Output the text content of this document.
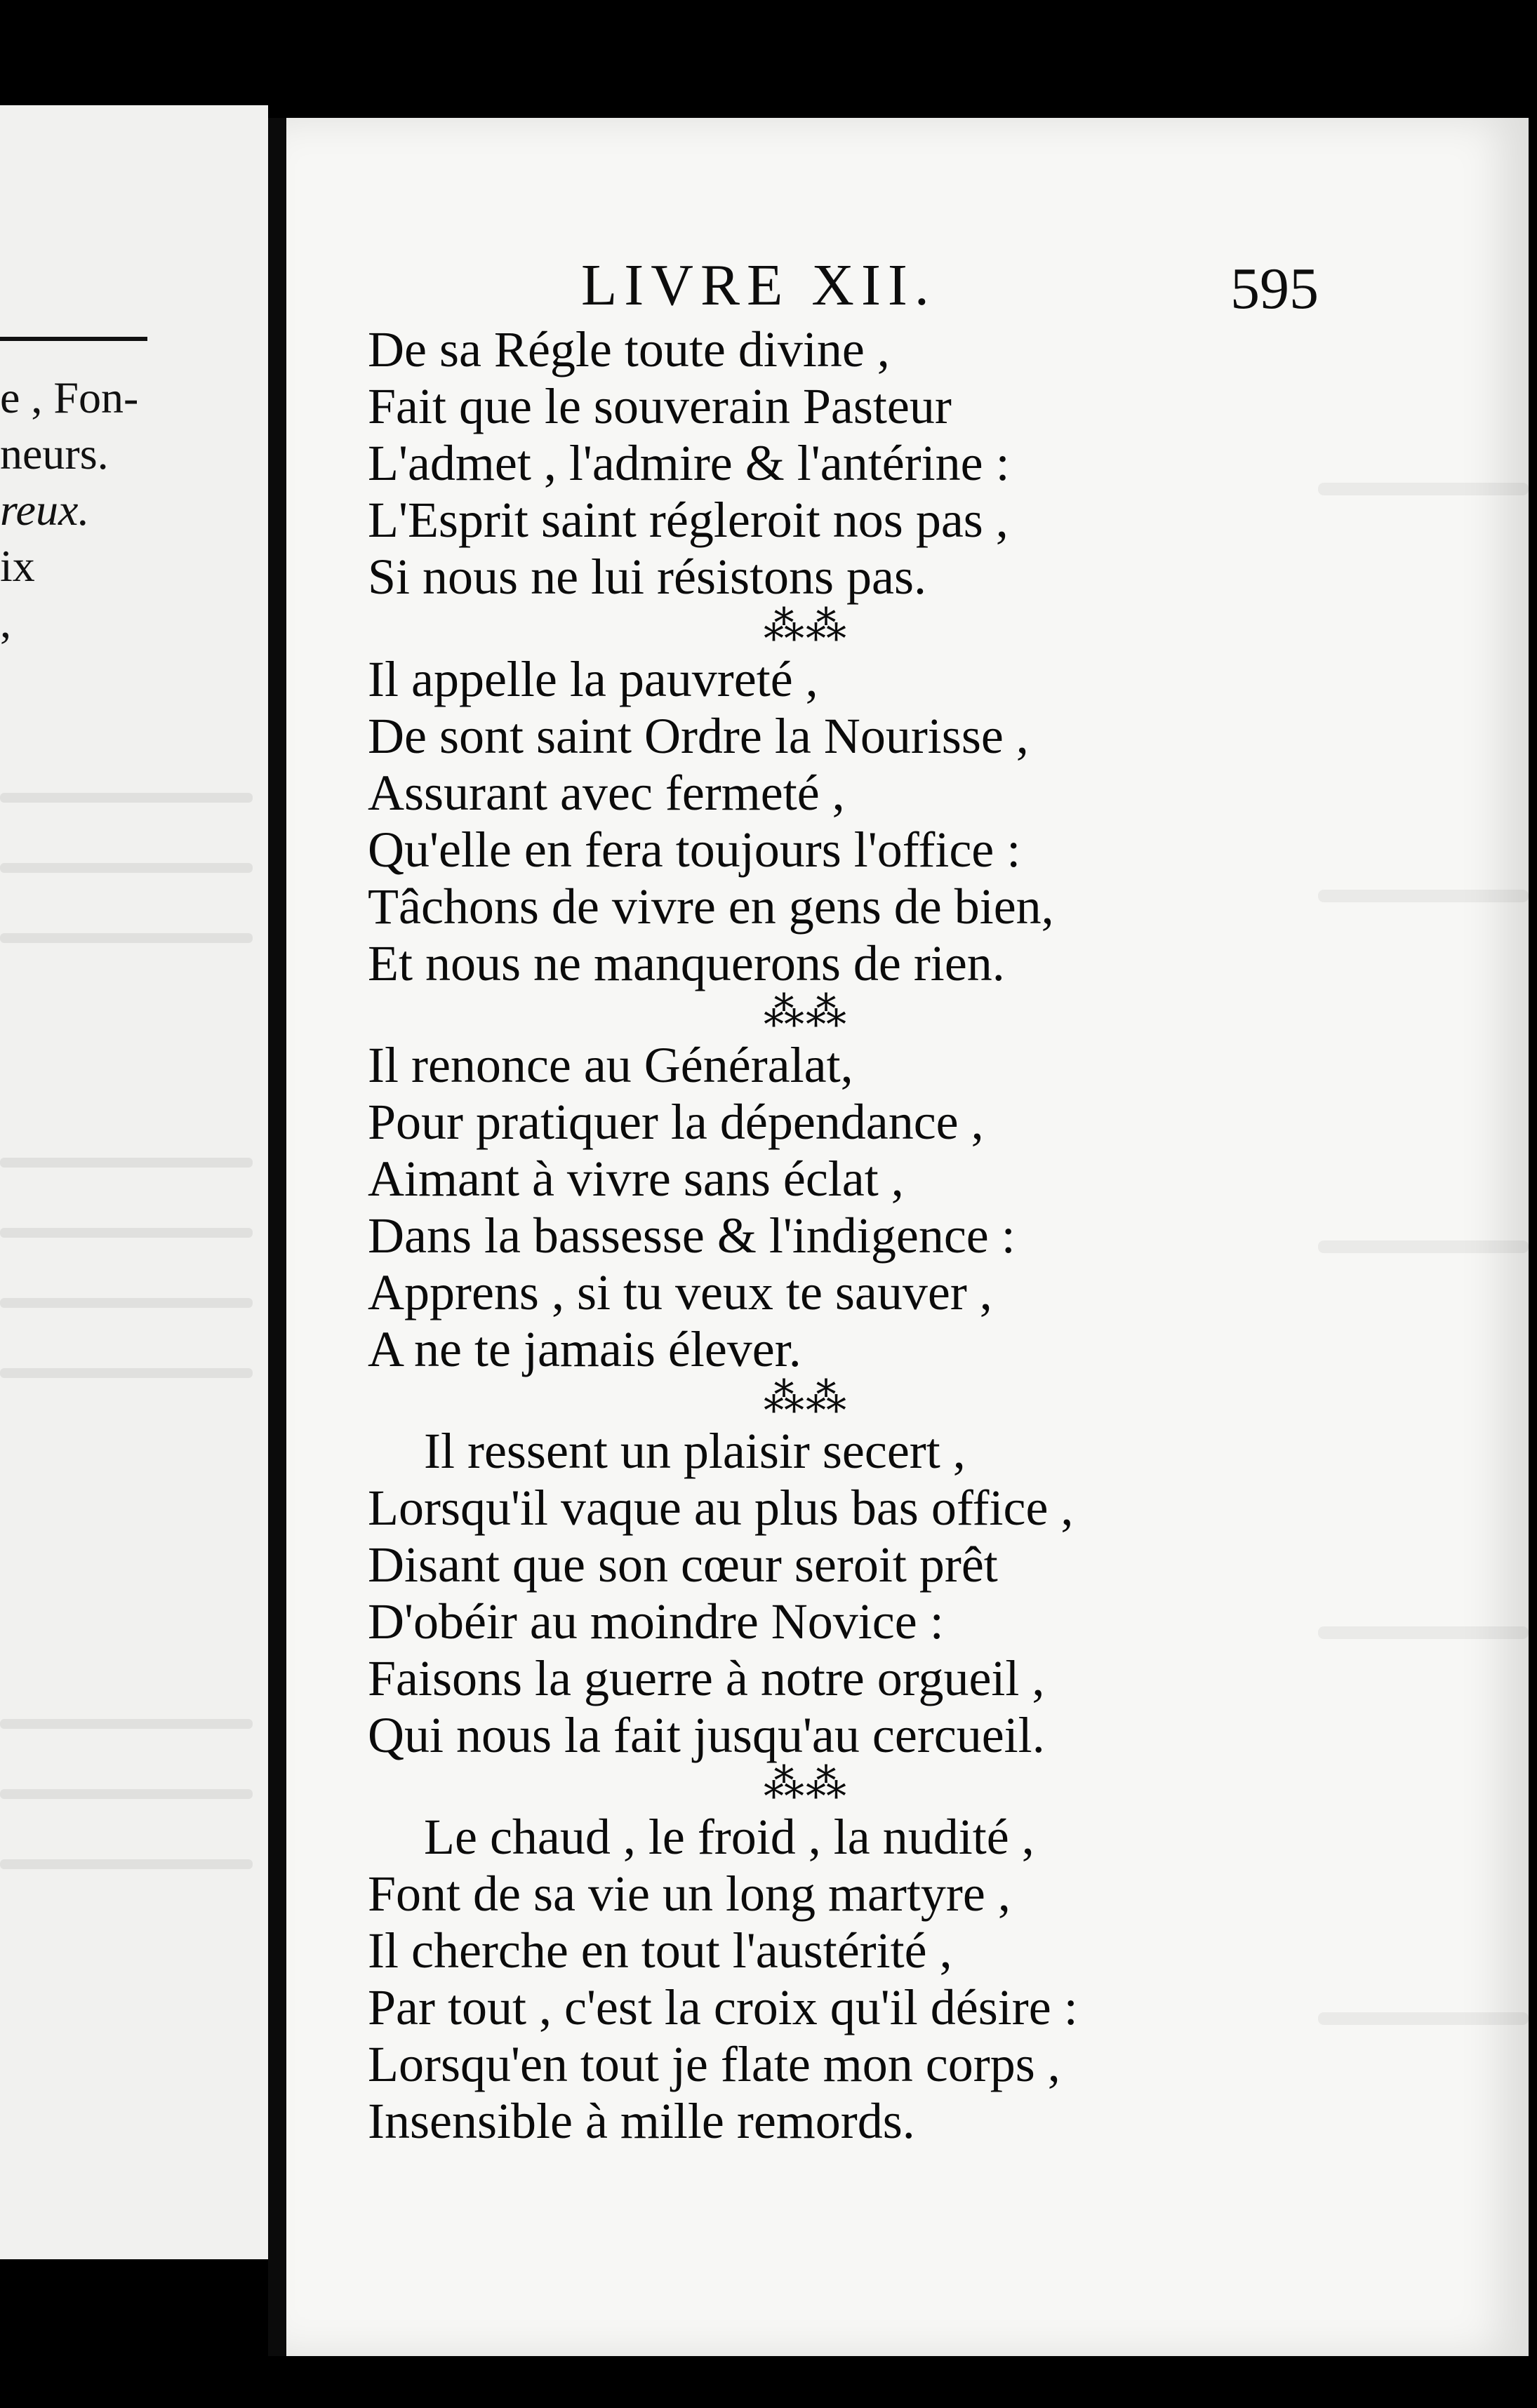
e , Fon-
neurs.
reux.
ix
,
LIVRE XII.	595
De sa Régle toute divine ,
Fait que le souverain Pasteur
L'admet , l'admire & l'antérine :
L'Esprit saint régleroit nos pas ,
Si nous ne lui résistons pas.
⁂⁂
Il appelle la pauvreté ,
De sont saint Ordre la Nourisse ,
Assurant avec fermeté ,
Qu'elle en fera toujours l'office :
Tâchons de vivre en gens de bien,
Et nous ne manquerons de rien.
⁂⁂
Il renonce au Généralat,
Pour pratiquer la dépendance ,
Aimant à vivre sans éclat ,
Dans la bassesse & l'indigence :
Apprens , si tu veux te sauver ,
A ne te jamais élever.
⁂⁂
Il ressent un plaisir secert ,
Lorsqu'il vaque au plus bas office ,
Disant que son cœur seroit prêt
D'obéir au moindre Novice :
Faisons la guerre à notre orgueil ,
Qui nous la fait jusqu'au cercueil.
⁂⁂
Le chaud , le froid , la nudité ,
Font de sa vie un long martyre ,
Il cherche en tout l'austérité ,
Par tout , c'est la croix qu'il désire :
Lorsqu'en tout je flate mon corps ,
Insensible à mille remords.
